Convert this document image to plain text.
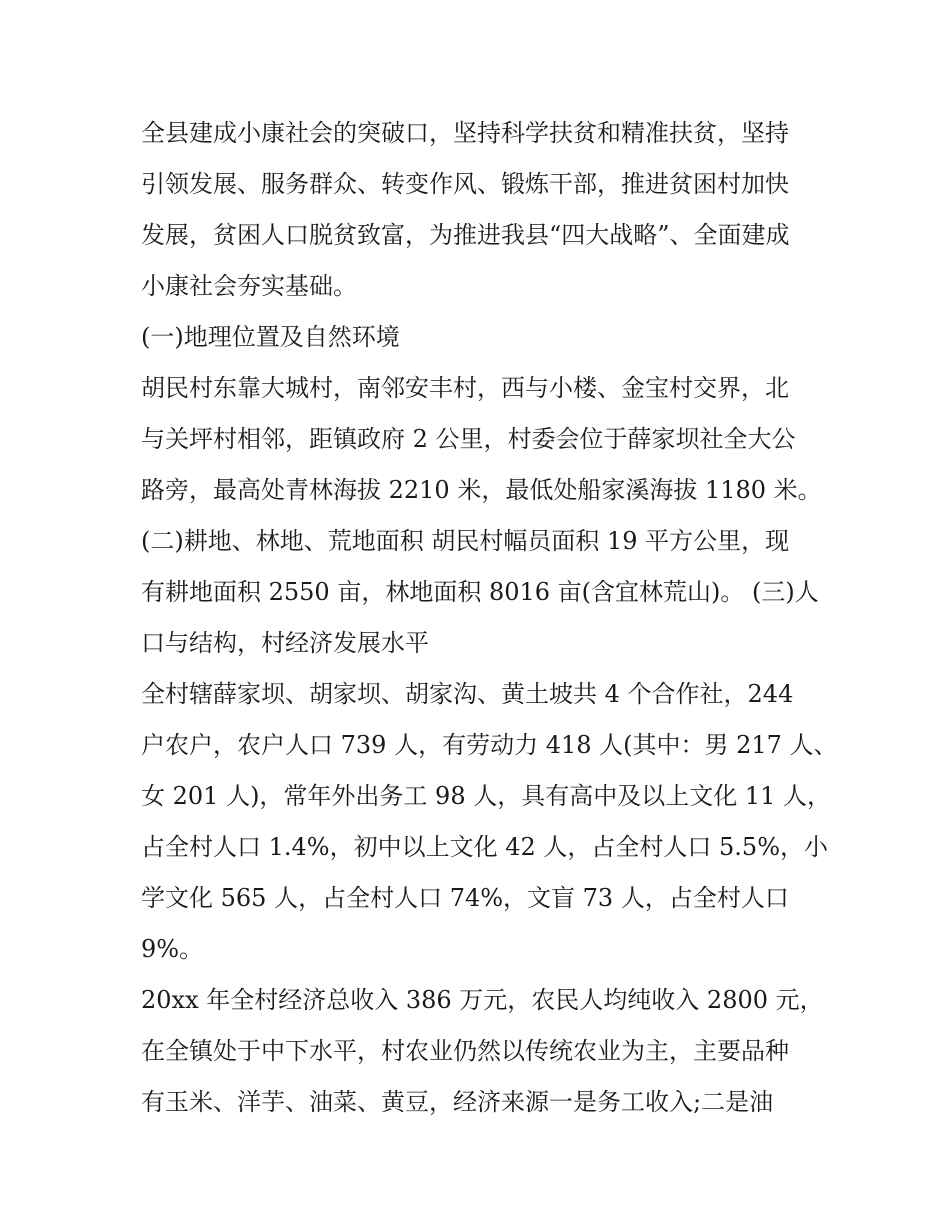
全县建成小康社会的突破口，坚持科学扶贫和精准扶贫，坚持
引领发展、服务群众、转变作风、锻炼干部，推进贫困村加快
发展，贫困人口脱贫致富，为推进我县“四大战略”、全面建成
小康社会夯实基础。
(一)地理位置及自然环境
胡民村东靠大城村，南邻安丰村，西与小楼、金宝村交界，北
与关坪村相邻，距镇政府 2 公里，村委会位于薛家坝社全大公
路旁，最高处青林海拔 2210 米，最低处船家溪海拔 1180 米。
(二)耕地、林地、荒地面积 胡民村幅员面积 19 平方公里，现
有耕地面积 2550 亩，林地面积 8016 亩(含宜林荒山)。 (三)人
口与结构，村经济发展水平
全村辖薛家坝、胡家坝、胡家沟、黄土坡共 4 个合作社，244
户农户，农户人口 739 人，有劳动力 418 人(其中：男 217 人、
女 201 人)，常年外出务工 98 人，具有高中及以上文化 11 人，
占全村人口 1.4%，初中以上文化 42 人，占全村人口 5.5%，小
学文化 565 人，占全村人口 74%，文盲 73 人，占全村人口
9%。
20xx 年全村经济总收入 386 万元，农民人均纯收入 2800 元，
在全镇处于中下水平，村农业仍然以传统农业为主，主要品种
有玉米、洋芋、油菜、黄豆，经济来源一是务工收入;二是油
